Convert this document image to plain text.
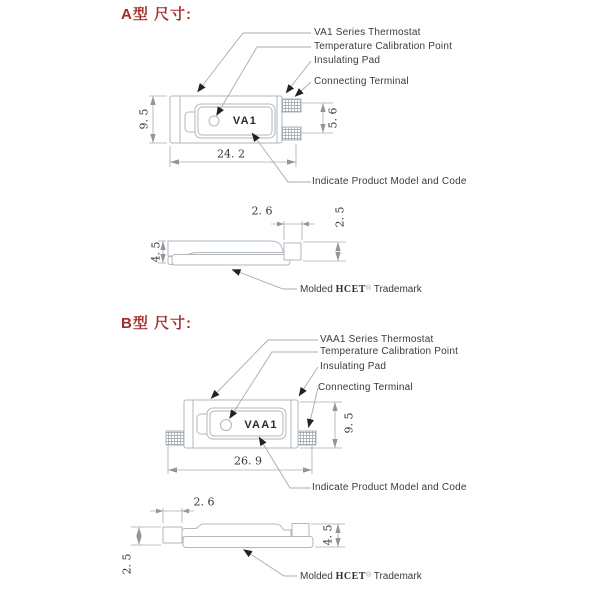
A型 尺寸:
VA1 Series Thermostat
Temperature Calibration Point
Insulating Pad
Connecting Terminal
Indicate Product Model and Code
VA1
9. 5
24. 2
5. 6
4. 5
2. 6	2. 5
Molded HCET® Trademark
B型 尺寸:
VAA1 Series Thermostat
Temperature Calibration Point
Insulating Pad
Connecting Terminal
Indicate Product Model and Code
VAA1	9. 5
26. 9
2. 6
2. 5
4. 5
Molded HCET® Trademark
